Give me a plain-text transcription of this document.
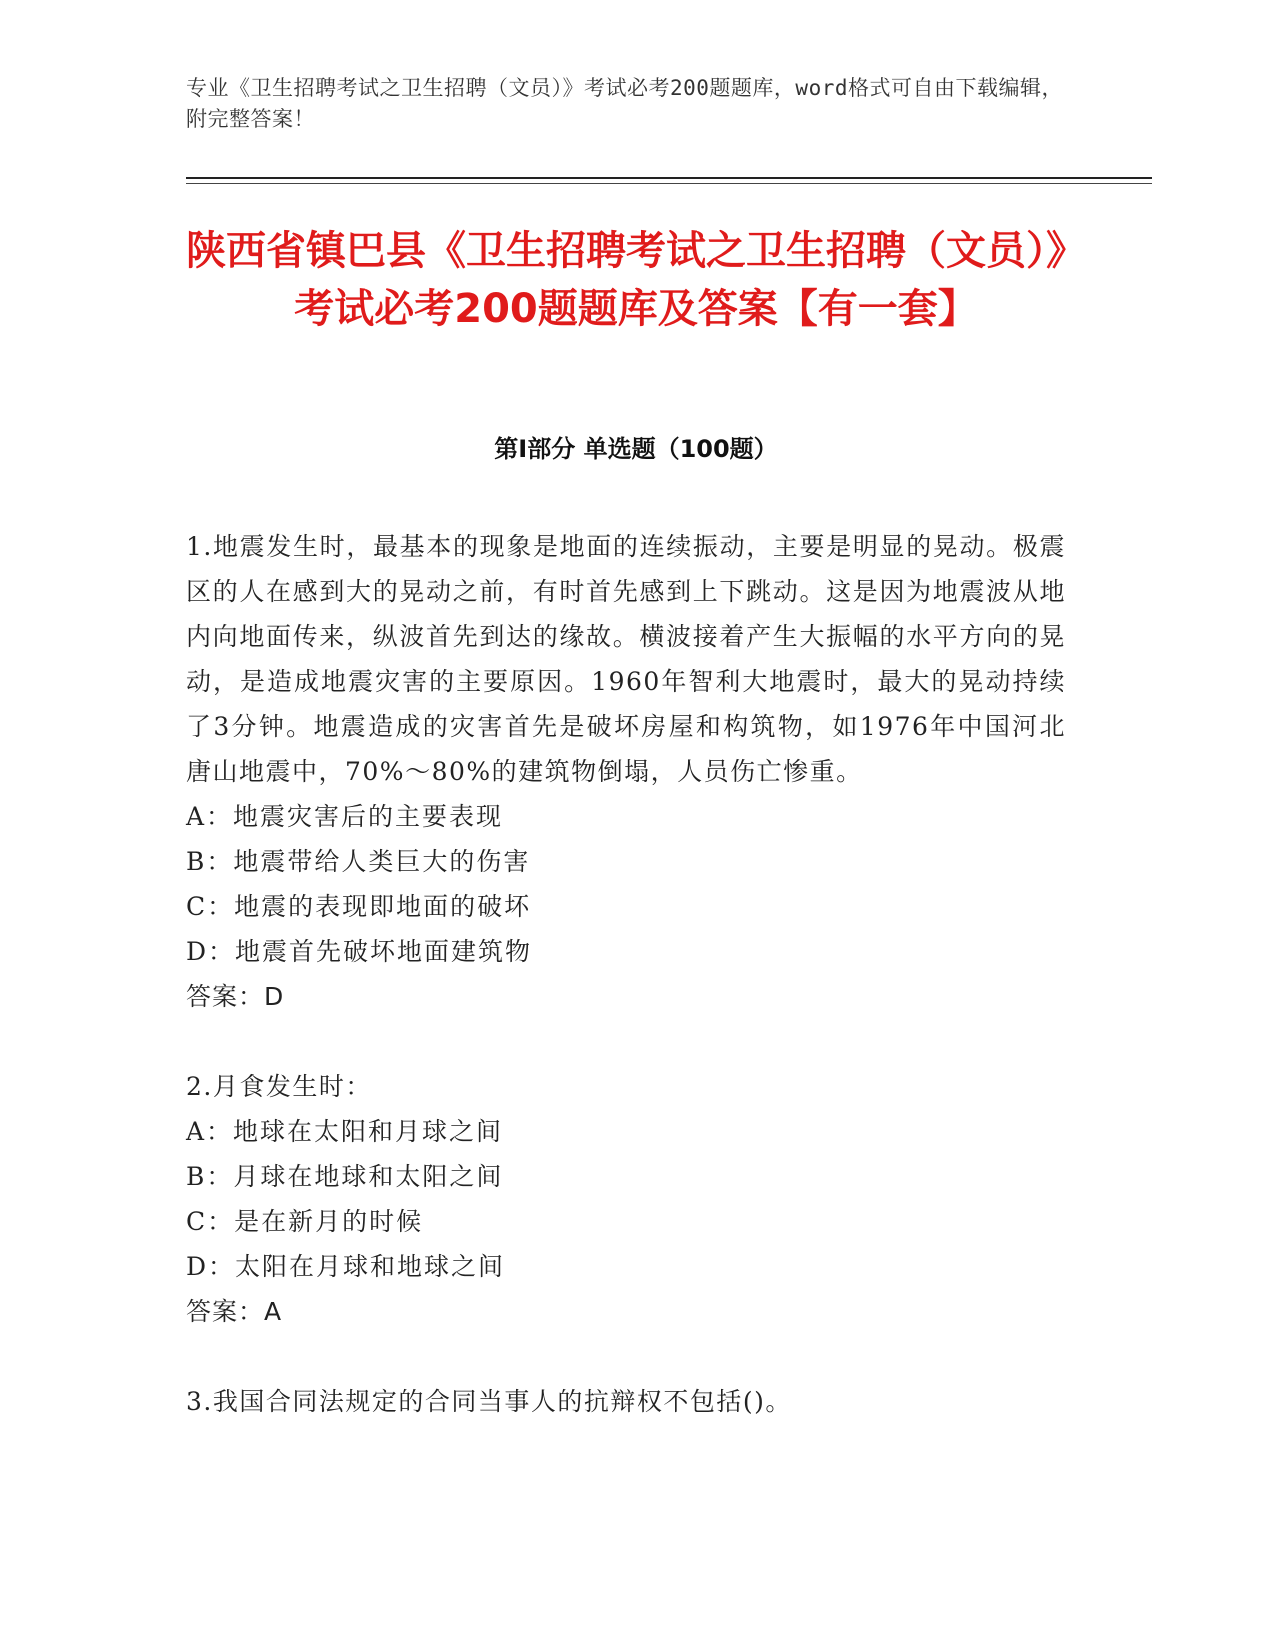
专业《卫生招聘考试之卫生招聘（文员）》考试必考200题题库，word格式可自由下载编辑，附完整答案！
陕西省镇巴县《卫生招聘考试之卫生招聘（文员）》考试必考200题题库及答案【有一套】
第I部分 单选题（100题）
1.地震发生时，最基本的现象是地面的连续振动，主要是明显的晃动。极震区的人在感到大的晃动之前，有时首先感到上下跳动。这是因为地震波从地内向地面传来，纵波首先到达的缘故。横波接着产生大振幅的水平方向的晃动，是造成地震灾害的主要原因。1960年智利大地震时，最大的晃动持续了3分钟。地震造成的灾害首先是破坏房屋和构筑物，如1976年中国河北唐山地震中，70%～80%的建筑物倒塌，人员伤亡惨重。
A：地震灾害后的主要表现
B：地震带给人类巨大的伤害
C：地震的表现即地面的破坏
D：地震首先破坏地面建筑物
答案：D
2.月食发生时：
A：地球在太阳和月球之间
B：月球在地球和太阳之间
C：是在新月的时候
D：太阳在月球和地球之间
答案：A
3.我国合同法规定的合同当事人的抗辩权不包括()。
